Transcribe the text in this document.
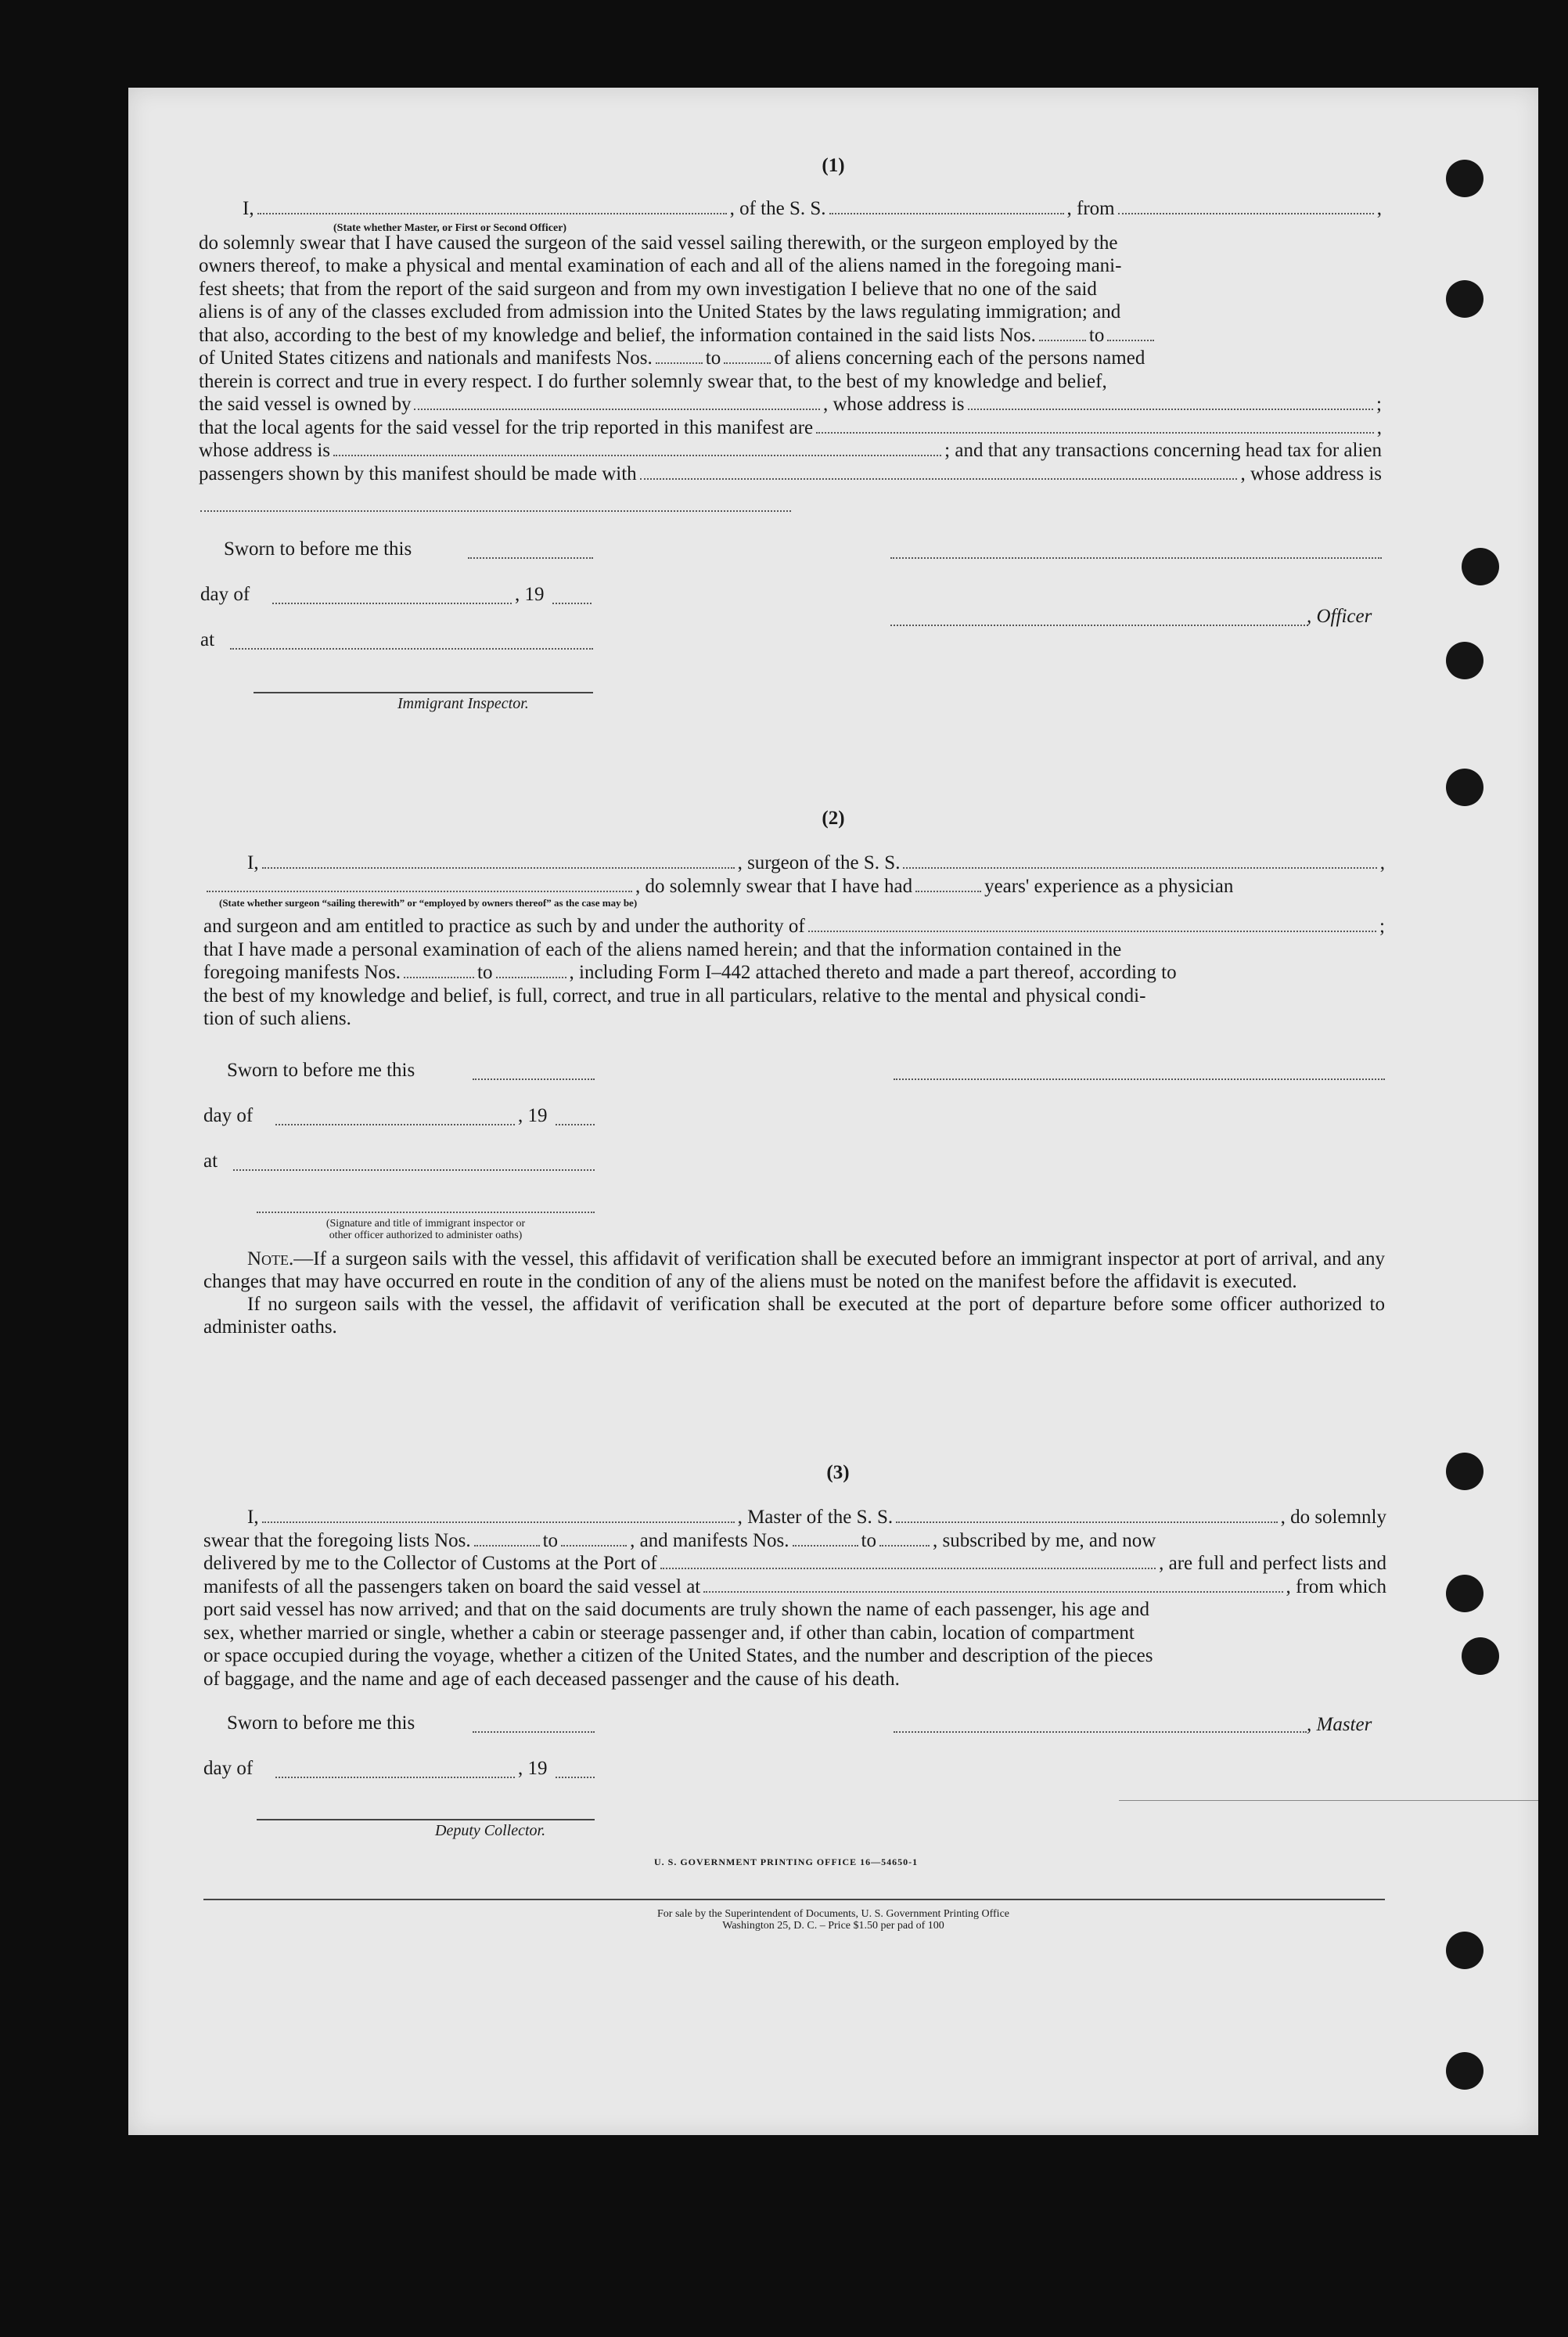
(1)
I,	, of the S. S.	, from	,
do solemnly swear that I have caused the surgeon of the said vessel sailing therewith, or the surgeon employed by the
owners thereof, to make a physical and mental examination of each and all of the aliens named in the foregoing mani-
fest sheets; that from the report of the said surgeon and from my own investigation I believe that no one of the said
aliens is of any of the classes excluded from admission into the United States by the laws regulating immigration; and
that also, according to the best of my knowledge and belief, the information contained in the said lists Nos.	to
of United States citizens and nationals and manifests Nos.	to	of aliens concerning each of the persons named
therein is correct and true in every respect. I do further solemnly swear that, to the best of my knowledge and belief,
the said vessel is owned by	, whose address is	;
that the local agents for the said vessel for the trip reported in this manifest are	,
whose address is	; and that any transactions concerning head tax for alien
passengers shown by this manifest should be made with	, whose address is
(State whether Master, or First or Second Officer)
Sworn to before me this
day of	, 19
, Officer
at
Immigrant Inspector.
(2)
I,	, surgeon of the S. S.	,
, do solemnly swear that I have had	years' experience as a physician
and surgeon and am entitled to practice as such by and under the authority of	;
that I have made a personal examination of each of the aliens named herein; and that the information contained in the
foregoing manifests Nos.	to	, including Form I–442 attached thereto and made a part thereof, according to
the best of my knowledge and belief, is full, correct, and true in all particulars, relative to the mental and physical condi-
tion of such aliens.
(State whether surgeon “sailing therewith” or “employed by owners thereof” as the case may be)
Sworn to before me this
day of	, 19
at
(Signature and title of immigrant inspector or
other officer authorized to administer oaths)
Note.—If a surgeon sails with the vessel, this affidavit of verification shall be executed before an immigrant inspector at port of arrival, and any changes that may have occurred en route in the condition of any of the aliens must be noted on the manifest before the affidavit is executed.
If no surgeon sails with the vessel, the affidavit of verification shall be executed at the port of departure before some officer authorized to administer oaths.
(3)
I,	, Master of the S. S.	, do solemnly
swear that the foregoing lists Nos.	to	, and manifests Nos.	to	, subscribed by me, and now
delivered by me to the Collector of Customs at the Port of	, are full and perfect lists and
manifests of all the passengers taken on board the said vessel at	, from which
port said vessel has now arrived; and that on the said documents are truly shown the name of each passenger, his age and
sex, whether married or single, whether a cabin or steerage passenger and, if other than cabin, location of compartment
or space occupied during the voyage, whether a citizen of the United States, and the number and description of the pieces
of baggage, and the name and age of each deceased passenger and the cause of his death.
Sworn to before me this	, Master
day of	, 19
Deputy Collector.
U. S. GOVERNMENT PRINTING OFFICE 16—54650-1
For sale by the Superintendent of Documents, U. S. Government Printing Office
Washington 25, D. C. – Price $1.50 per pad of 100
